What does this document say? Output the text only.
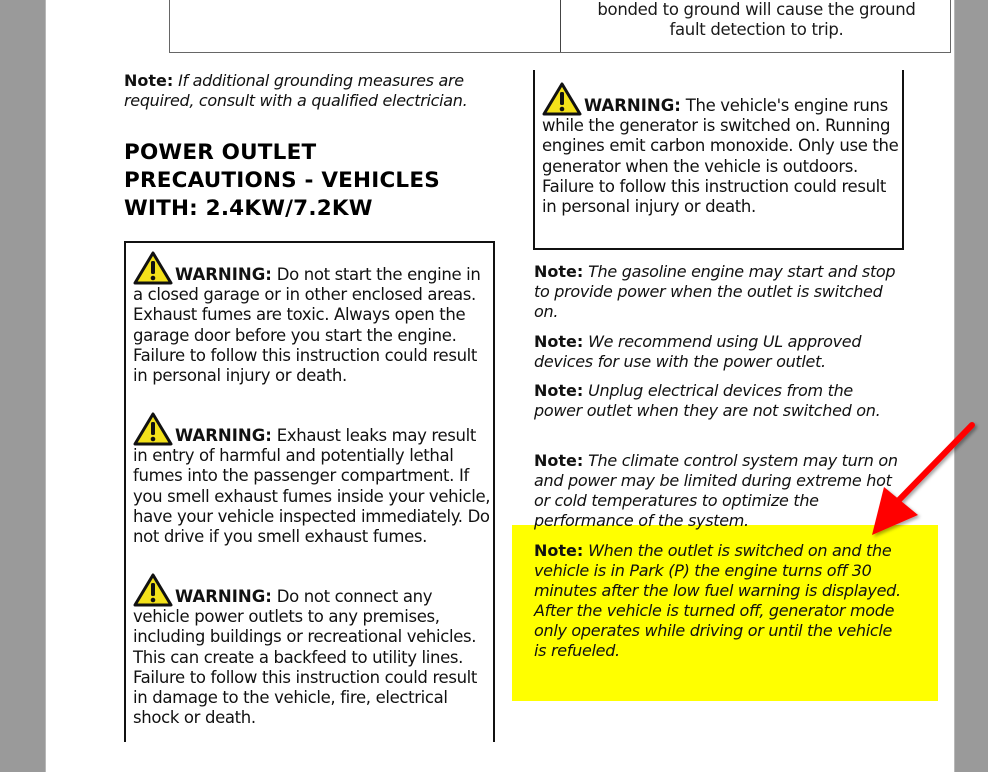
bonded to ground will cause the ground
fault detection to trip.
Note: If additional grounding measures are required, consult with a qualified electrician.
POWER OUTLET
PRECAUTIONS - VEHICLES
WITH: 2.4KW/7.2KW
WARNING: Do not start the engine in a closed garage or in other enclosed areas. Exhaust fumes are toxic. Always open the garage door before you start the engine. Failure to follow this instruction could result in personal injury or death.
WARNING: Exhaust leaks may result in entry of harmful and potentially lethal fumes into the passenger compartment. If you smell exhaust fumes inside your vehicle, have your vehicle inspected immediately. Do not drive if you smell exhaust fumes.
WARNING: Do not connect any vehicle power outlets to any premises, including buildings or recreational vehicles. This can create a backfeed to utility lines. Failure to follow this instruction could result in damage to the vehicle, fire, electrical shock or death.
WARNING: The vehicle's engine runs while the generator is switched on. Running engines emit carbon monoxide. Only use the generator when the vehicle is outdoors. Failure to follow this instruction could result in personal injury or death.
Note: The gasoline engine may start and stop to provide power when the outlet is switched on.
Note: We recommend using UL approved devices for use with the power outlet.
Note: Unplug electrical devices from the power outlet when they are not switched on.
Note: The climate control system may turn on and power may be limited during extreme hot or cold temperatures to optimize the performance of the system.
Note: When the outlet is switched on and the vehicle is in Park (P) the engine turns off 30 minutes after the low fuel warning is displayed. After the vehicle is turned off, generator mode only operates while driving or until the vehicle is refueled.
